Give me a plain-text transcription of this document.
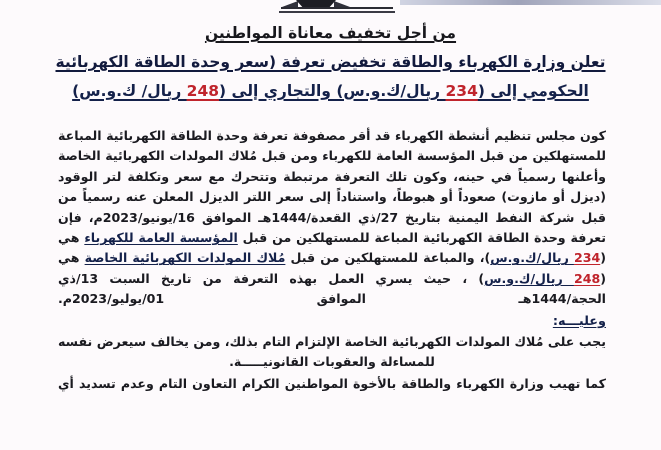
من أجل تخفيف معاناة المواطنين
تعلن وزارة الكهرباء والطاقة تخفيض تعرفة (سعر وحدة الطاقة الكهربائية
الحكومي إلى (234 ريال/ك.و.س) والتجاري إلى (248 ريال/ ك.و.س)

كون مجلس تنظيم أنشطة الكهرباء قد أقر مصفوفة تعرفة وحدة الطاقة الكهربائية المباعة للمستهلكين من قبل المؤسسة العامة للكهرباء ومن قبل مُلاك المولدات الكهربائية الخاصة وأعلنها رسمياً في حينه، وكون تلك التعرفة مرتبطة وتتحرك مع سعر وتكلفة لتر الوقود (ديزل أو مازوت) صعوداً أو هبوطاً، واستناداً إلى سعر اللتر الديزل المعلن عنه رسمياً من قبل شركة النفط اليمنية بتاريخ 27/ذي القعدة/1444هـ الموافق 16/يونيو/2023م، فإن تعرفة وحدة الطاقة الكهربائية المباعة للمستهلكين من قبل المؤسسة العامة للكهرباء هي (234 ريال/ك.و.س)، والمباعة للمستهلكين من قبل مُلاك المولدات الكهربائية الخاصة هي (248 ريال/ك.و.س) ، حيث يسري العمل بهذه التعرفة من تاريخ السبت 13/ذي الحجة/1444هـ الموافق 01/يوليو/2023م.

وعليـــه:

يجب على مُلاك المولدات الكهربائية الخاصة الإلتزام التام بذلك، ومن يخالف سيعرض نفسه للمساءلة والعقوبات القانونيـــــة.

كما تهيب وزارة الكهرباء والطاقة بالأخوة المواطنين الكرام التعاون التام وعدم تسديد أي
